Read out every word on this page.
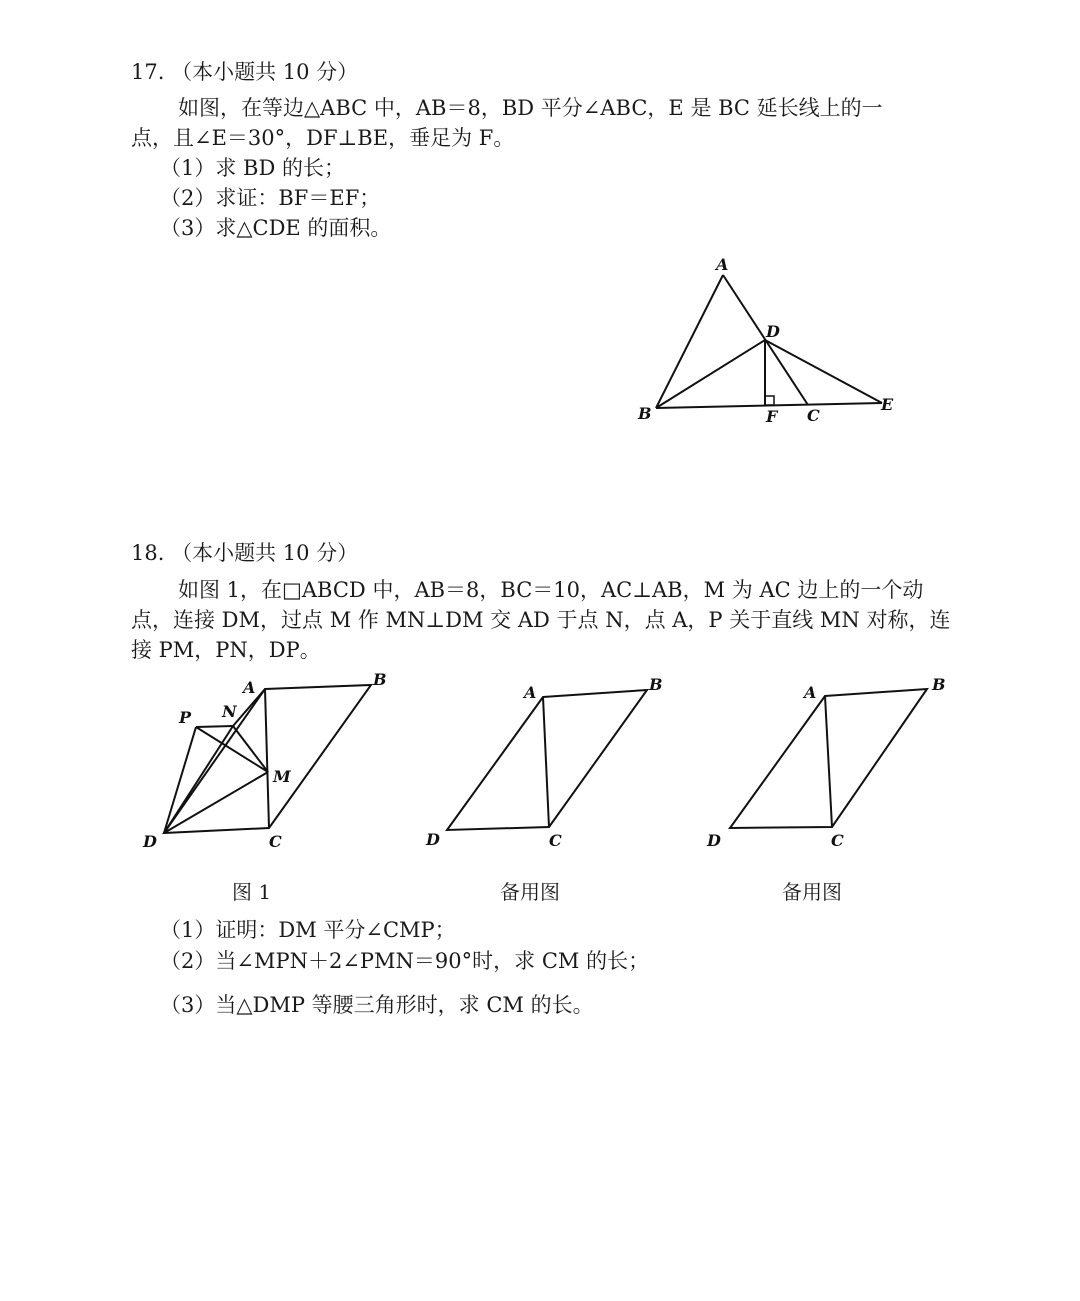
17. （本小题共 10 分）
如图，在等边△ABC 中，AB＝8，BD 平分∠ABC，E 是 BC 延长线上的一
点，且∠E＝30°，DF⊥BE，垂足为 F。
（1）求 BD 的长；
（2）求证：BF＝EF；
（3）求△CDE 的面积。
A
B
D
F C
E
18. （本小题共 10 分）
如图 1，在□ABCD 中，AB＝8，BC＝10，AC⊥AB，M 为 AC 边上的一个动
点，连接 DM，过点 M 作 MN⊥DM 交 AD 于点 N，点 A，P 关于直线 MN 对称，连
接 PM，PN，DP。
A	B
P N
M
D	C
A	B
D	C
A	B
D	C
图 1	备用图	备用图
（1）证明：DM 平分∠CMP；
（2）当∠MPN＋2∠PMN＝90°时，求 CM 的长；
（3）当△DMP 等腰三角形时，求 CM 的长。
